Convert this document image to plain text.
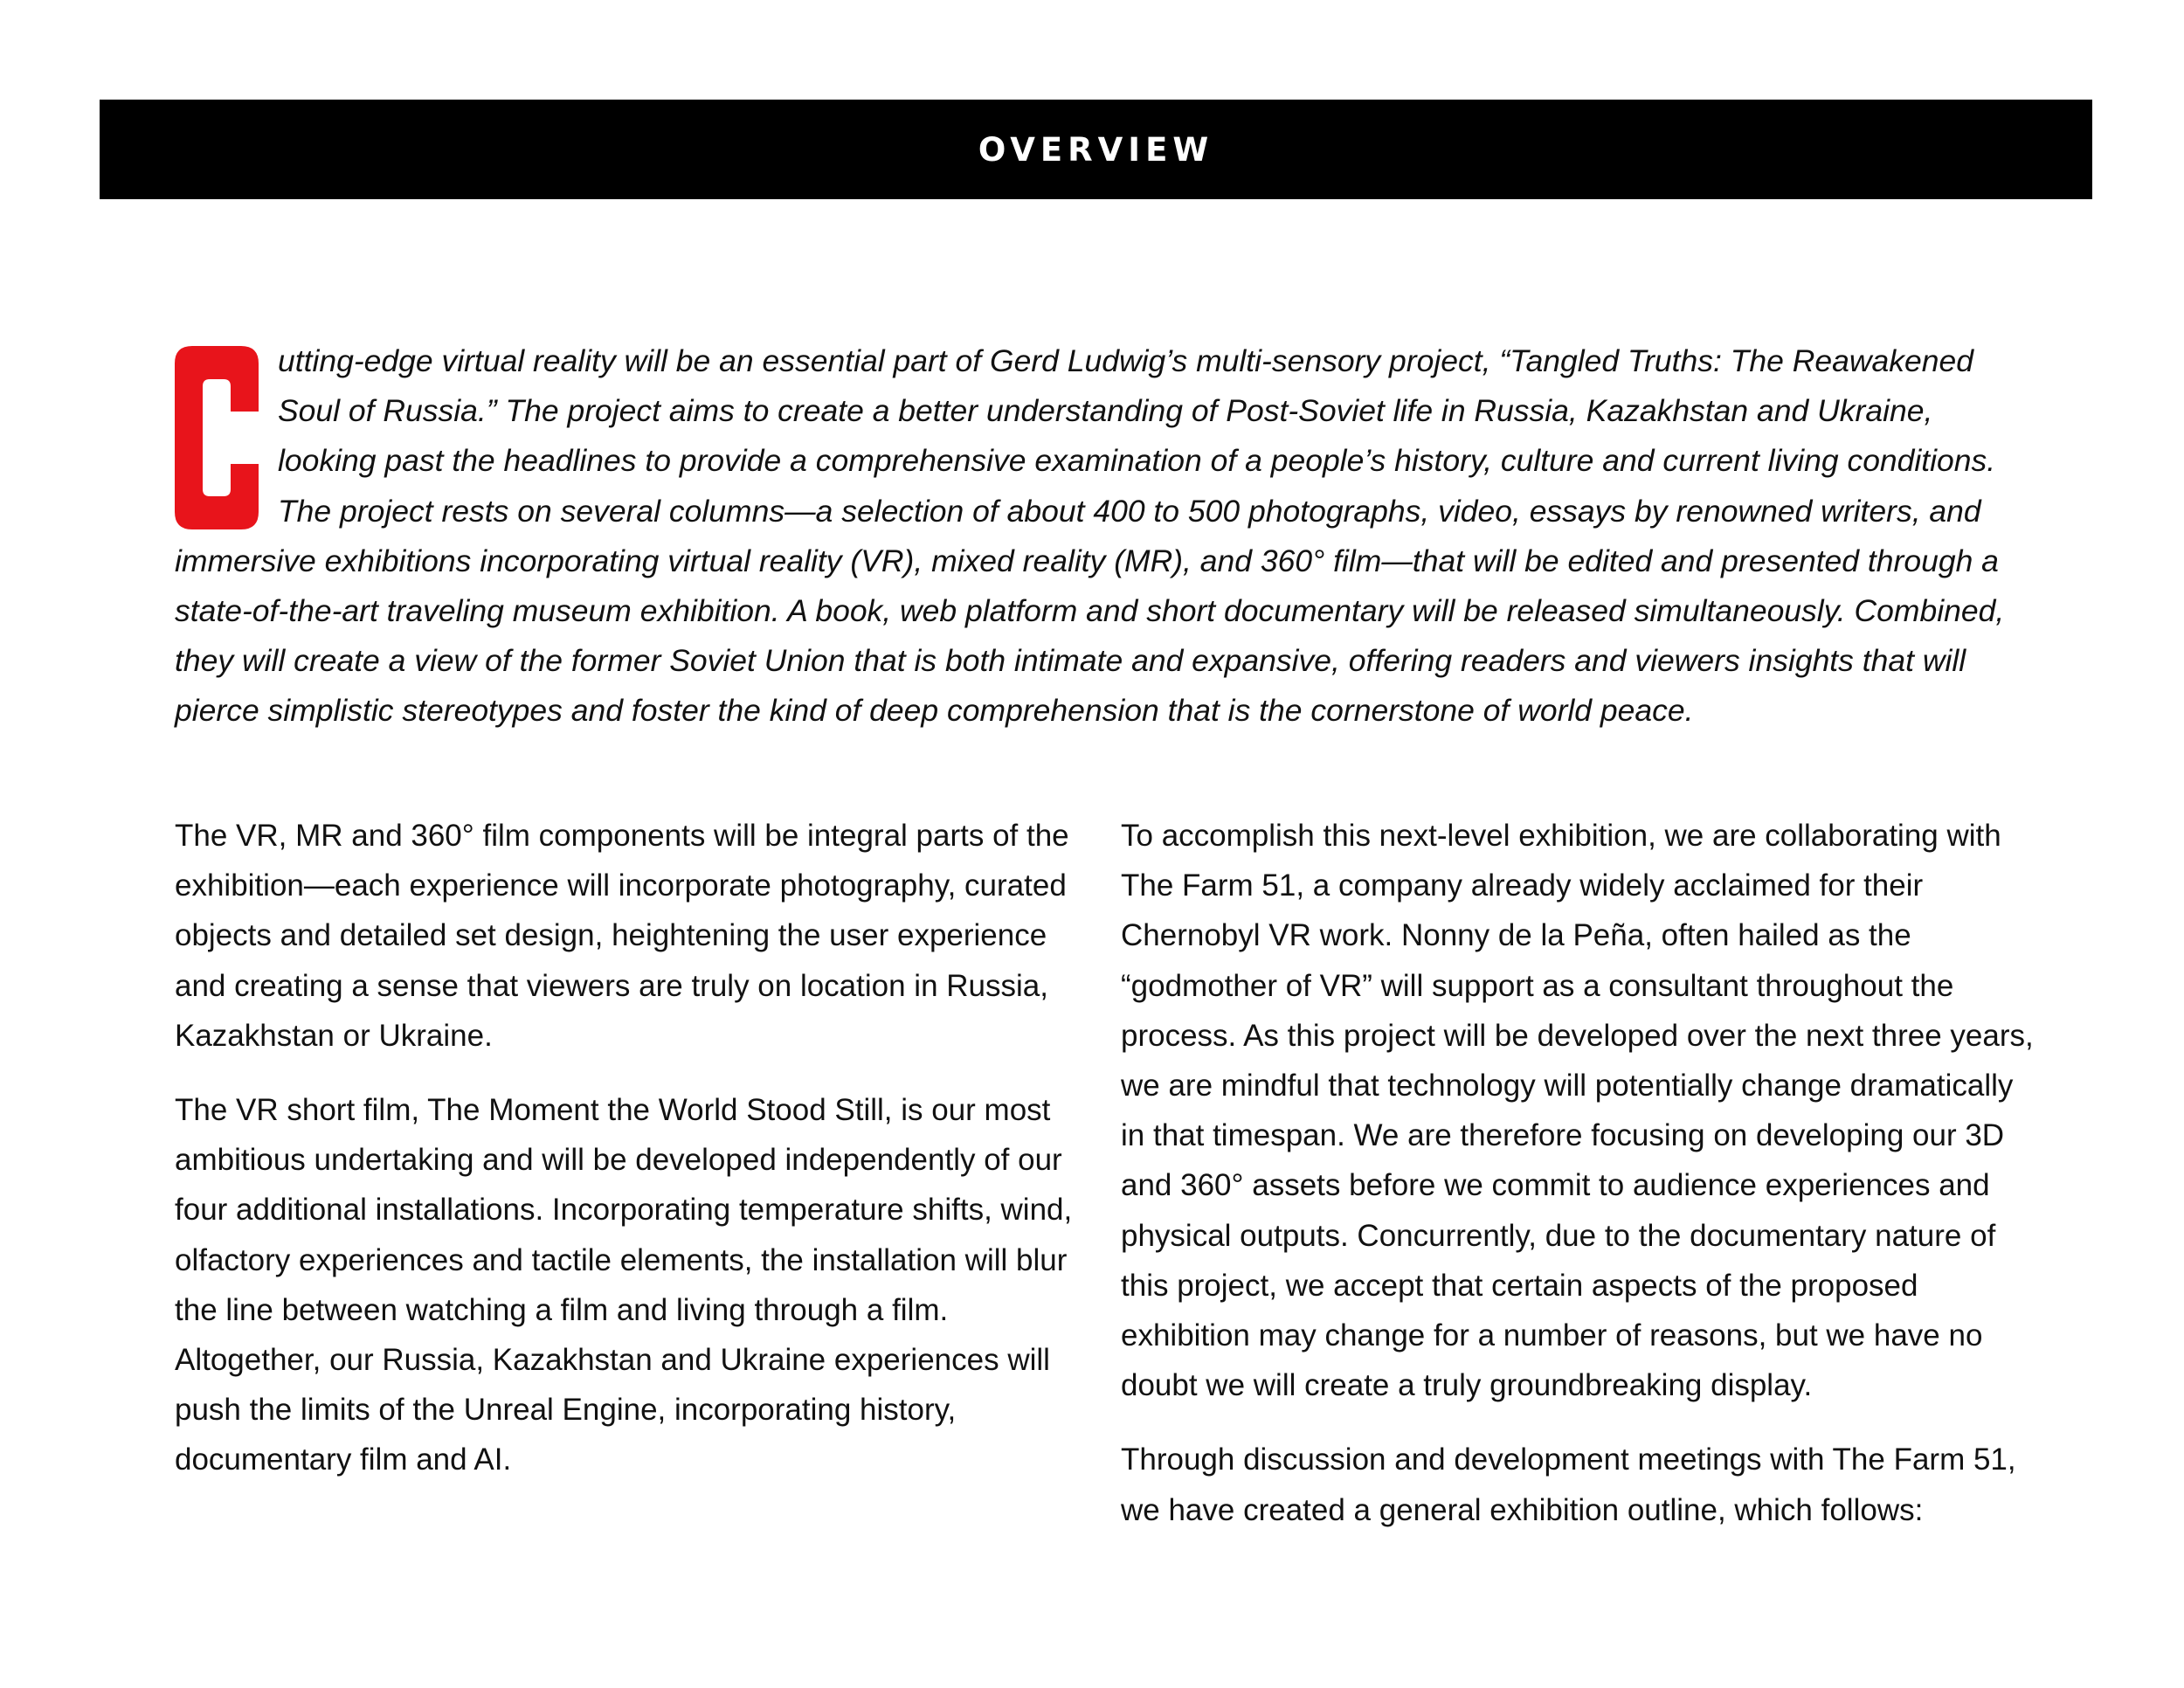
OVERVIEW

C
utting-edge virtual reality will be an essential part of Gerd Ludwig’s multi-sensory project, “Tangled Truths: The Reawakened Soul of Russia.” The project aims to create a better understanding of Post-Soviet life in Russia, Kazakhstan and Ukraine, looking past the headlines to provide a comprehensive examination of a people’s history, culture and current living conditions. The project rests on several columns—a selection of about 400 to 500 photographs, video, essays by renowned writers, and immersive exhibitions incorporating virtual reality (VR), mixed reality (MR), and 360° film—that will be edited and presented through a state-of-the-art traveling museum exhibition. A book, web platform and short documentary will be released simultaneously. Combined, they will create a view of the former Soviet Union that is both intimate and expansive, offering readers and viewers insights that will pierce simplistic stereotypes and foster the kind of deep comprehension that is the cornerstone of world peace.

The VR, MR and 360° film components will be integral parts of the exhibition—each experience will incorporate photography, curated objects and detailed set design, heightening the user experience and creating a sense that viewers are truly on location in Russia, Kazakhstan or Ukraine.

The VR short film, The Moment the World Stood Still, is our most ambitious undertaking and will be developed independently of our four additional installations. Incorporating temperature shifts, wind, olfactory experiences and tactile elements, the installation will blur the line between watching a film and living through a film. Altogether, our Russia, Kazakhstan and Ukraine experiences will push the limits of the Unreal Engine, incorporating history, documentary film and AI.

To accomplish this next-level exhibition, we are collaborating with The Farm 51, a company already widely acclaimed for their Chernobyl VR work. Nonny de la Peña, often hailed as the “godmother of VR” will support as a consultant throughout the process. As this project will be developed over the next three years, we are mindful that technology will potentially change dramatically in that timespan. We are therefore focusing on developing our 3D and 360° assets before we commit to audience experiences and physical outputs. Concurrently, due to the documentary nature of this project, we accept that certain aspects of the proposed exhibition may change for a number of reasons, but we have no doubt we will create a truly groundbreaking display.

Through discussion and development meetings with The Farm 51, we have created a general exhibition outline, which follows:
